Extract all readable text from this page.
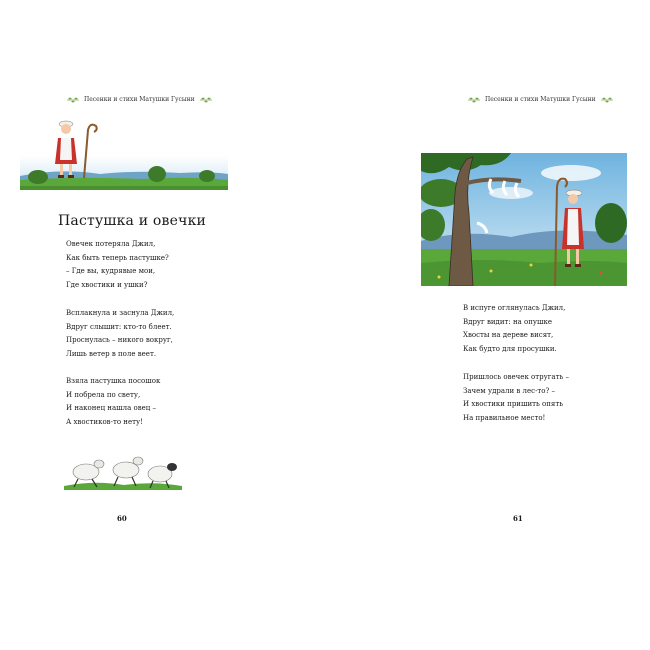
Песенки и стихи Матушки Гусыни
Пастушка и овечки
Овечек потеряла Джил,
Как быть теперь пастушке?
– Где вы, кудрявые мои,
Где хвостики и ушки?
Всплакнула и заснула Джил,
Вдруг слышит: кто-то блеет.
Проснулась – никого вокруг,
Лишь ветер в поле веет.
Взяла пастушка посошок
И побрела по свету,
И наконец нашла овец –
А хвостиков-то нету!
60
Песенки и стихи Матушки Гусыни
В испуге оглянулась Джил,
Вдруг видит: на опушке
Хвосты на дереве висят,
Как будто для просушки.
Пришлось овечек отругать –
Зачем удрали в лес-то? –
И хвостики пришить опять
На правильное место!
61
